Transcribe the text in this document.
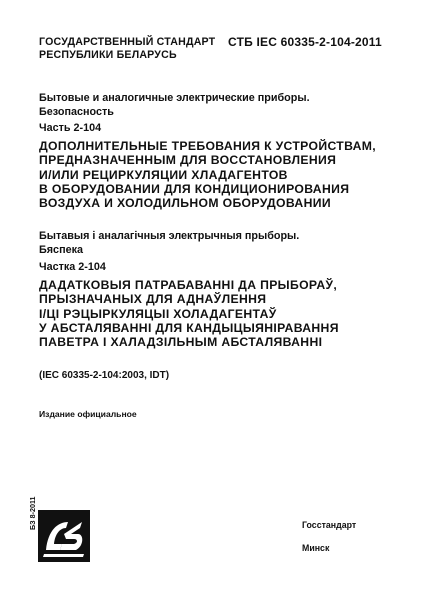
ГОСУДАРСТВЕННЫЙ СТАНДАРТ
РЕСПУБЛИКИ БЕЛАРУСЬ
СТБ IEC 60335-2-104-2011
Бытовые и аналогичные электрические приборы.
Безопасность
Часть 2-104
ДОПОЛНИТЕЛЬНЫЕ ТРЕБОВАНИЯ К УСТРОЙСТВАМ,
ПРЕДНАЗНАЧЕННЫМ ДЛЯ ВОССТАНОВЛЕНИЯ
И/ИЛИ РЕЦИРКУЛЯЦИИ ХЛАДАГЕНТОВ
В ОБОРУДОВАНИИ ДЛЯ КОНДИЦИОНИРОВАНИЯ
ВОЗДУХА И ХОЛОДИЛЬНОМ ОБОРУДОВАНИИ
Бытавыя і аналагічныя электрычныя прыборы.
Бяспека
Частка 2-104
ДАДАТКОВЫЯ ПАТРАБАВАННІ ДА ПРЫБОРАЎ,
ПРЫЗНАЧАНЫХ ДЛЯ АДНАЎЛЕННЯ
І/ЦІ РЭЦЫРКУЛЯЦЫІ ХОЛАДАГЕНТАЎ
У АБСТАЛЯВАННІ ДЛЯ КАНДЫЦЫЯНІРАВАННЯ
ПАВЕТРА І ХАЛАДЗІЛЬНЫМ АБСТАЛЯВАННІ
(IEC 60335-2-104:2003, IDT)
Издание официальное
БЗ 8-2011	Госстандарт
Минск
